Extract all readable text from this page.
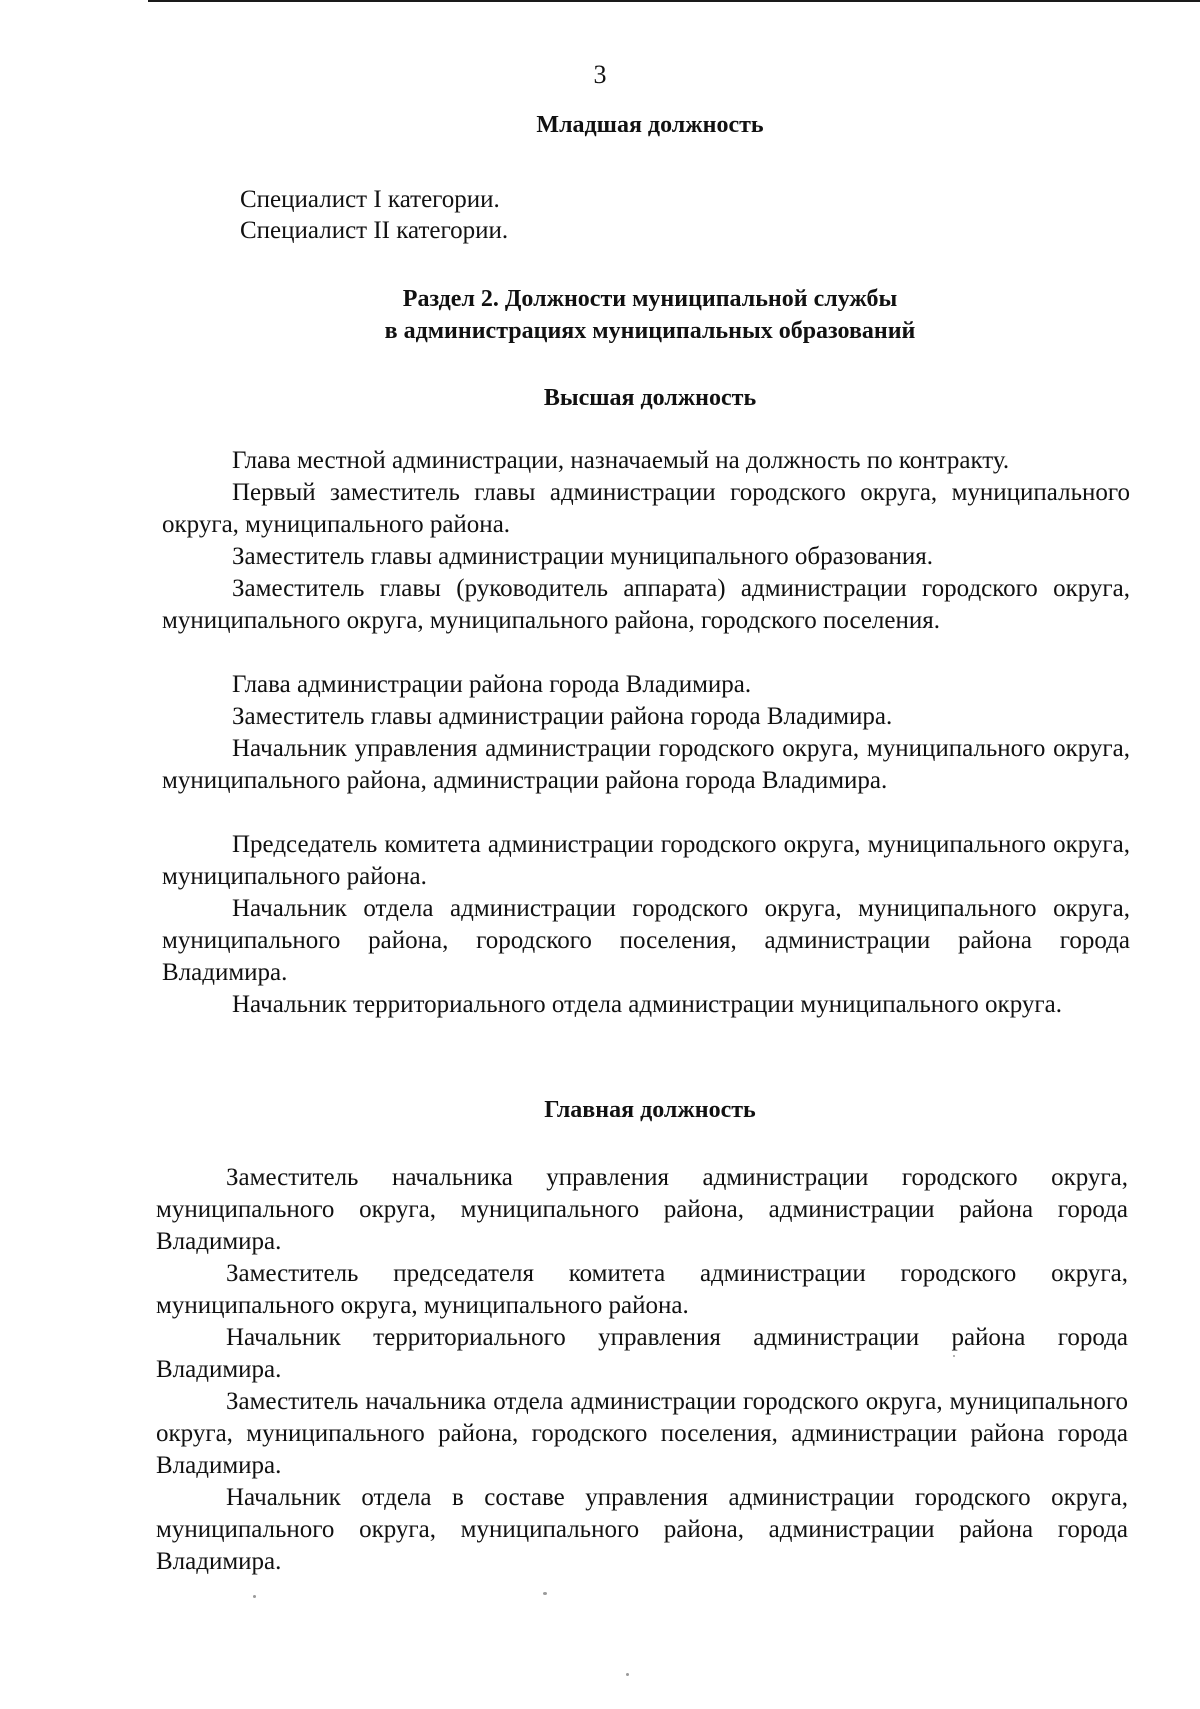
3
Младшая должность

Специалист I категории.

Специалист II категории.

Раздел 2. Должности муниципальной службы
в администрациях муниципальных образований
Высшая должность

Глава местной администрации, назначаемый на должность по контракту.

Первый заместитель главы администрации городского округа, муниципального округа, муниципального района.

Заместитель главы администрации муниципального образования.

Заместитель главы (руководитель аппарата) администрации городского округа, муниципального округа, муниципального района, городского поселения.

Глава администрации района города Владимира.

Заместитель главы администрации района города Владимира.

Начальник управления администрации городского округа, муниципального округа, муниципального района, администрации района города Владимира.

Председатель комитета администрации городского округа, муниципального округа, муниципального района.

Начальник отдела администрации городского округа, муниципального округа, муниципального района, городского поселения, администрации района города Владимира.

Начальник территориального отдела администрации муниципального округа.

Главная должность

Заместитель начальника управления администрации городского округа, муниципального округа, муниципального района, администрации района города Владимира.

Заместитель председателя комитета администрации городского округа, муниципального округа, муниципального района.

Начальник территориального управления администрации района города Владимира.

Заместитель начальника отдела администрации городского округа, муниципального округа, муниципального района, городского поселения, администрации района города Владимира.

Начальник отдела в составе управления администрации городского округа, муниципального округа, муниципального района, администрации района города Владимира.
